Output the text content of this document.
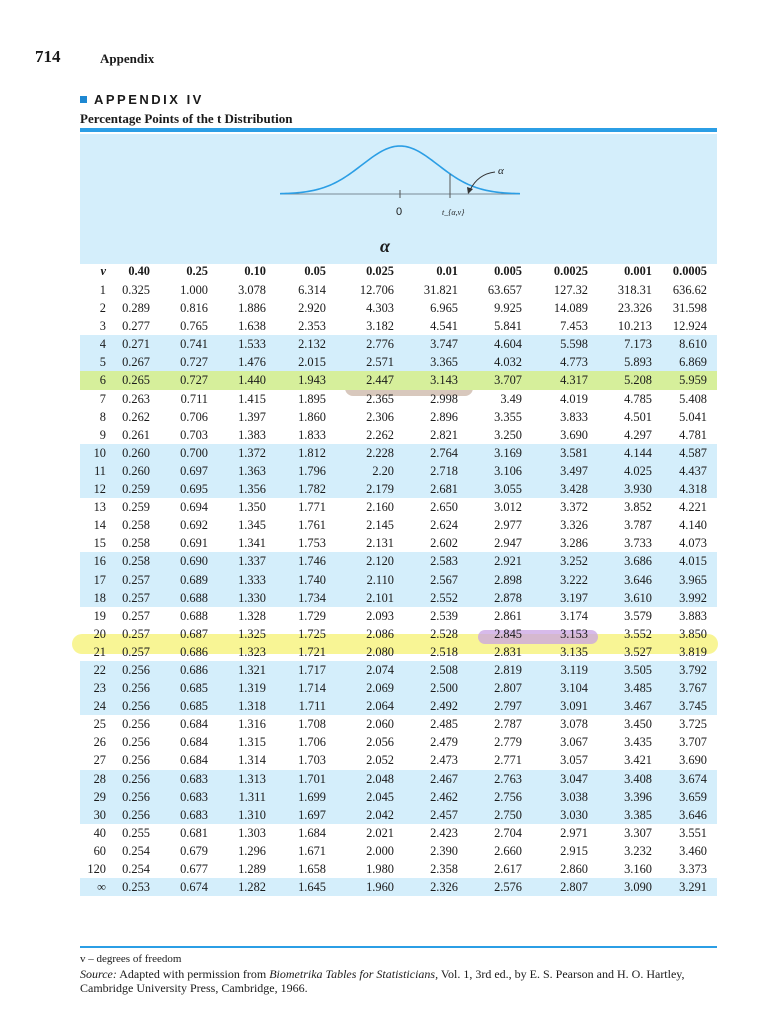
714	Appendix
APPENDIX IV
Percentage Points of the t Distribution
0	t_{α,v}
α
α
v	0.40	0.25	0.10	0.05	0.025	0.01	0.005	0.0025	0.001	0.0005
1	0.325	1.000	3.078	6.314	12.706	31.821	63.657	127.32	318.31	636.62
2	0.289	0.816	1.886	2.920	4.303	6.965	9.925	14.089	23.326	31.598
3	0.277	0.765	1.638	2.353	3.182	4.541	5.841	7.453	10.213	12.924
4	0.271	0.741	1.533	2.132	2.776	3.747	4.604	5.598	7.173	8.610
5	0.267	0.727	1.476	2.015	2.571	3.365	4.032	4.773	5.893	6.869
6	0.265	0.727	1.440	1.943	2.447	3.143	3.707	4.317	5.208	5.959
7	0.263	0.711	1.415	1.895	2.365	2.998	3.49	4.019	4.785	5.408
8	0.262	0.706	1.397	1.860	2.306	2.896	3.355	3.833	4.501	5.041
9	0.261	0.703	1.383	1.833	2.262	2.821	3.250	3.690	4.297	4.781
10	0.260	0.700	1.372	1.812	2.228	2.764	3.169	3.581	4.144	4.587
11	0.260	0.697	1.363	1.796	2.20	2.718	3.106	3.497	4.025	4.437
12	0.259	0.695	1.356	1.782	2.179	2.681	3.055	3.428	3.930	4.318
13	0.259	0.694	1.350	1.771	2.160	2.650	3.012	3.372	3.852	4.221
14	0.258	0.692	1.345	1.761	2.145	2.624	2.977	3.326	3.787	4.140
15	0.258	0.691	1.341	1.753	2.131	2.602	2.947	3.286	3.733	4.073
16	0.258	0.690	1.337	1.746	2.120	2.583	2.921	3.252	3.686	4.015
17	0.257	0.689	1.333	1.740	2.110	2.567	2.898	3.222	3.646	3.965
18	0.257	0.688	1.330	1.734	2.101	2.552	2.878	3.197	3.610	3.992
19	0.257	0.688	1.328	1.729	2.093	2.539	2.861	3.174	3.579	3.883
20	0.257	0.687	1.325	1.725	2.086	2.528	2.845	3.153	3.552	3.850
21	0.257	0.686	1.323	1.721	2.080	2.518	2.831	3.135	3.527	3.819
22	0.256	0.686	1.321	1.717	2.074	2.508	2.819	3.119	3.505	3.792
23	0.256	0.685	1.319	1.714	2.069	2.500	2.807	3.104	3.485	3.767
24	0.256	0.685	1.318	1.711	2.064	2.492	2.797	3.091	3.467	3.745
25	0.256	0.684	1.316	1.708	2.060	2.485	2.787	3.078	3.450	3.725
26	0.256	0.684	1.315	1.706	2.056	2.479	2.779	3.067	3.435	3.707
27	0.256	0.684	1.314	1.703	2.052	2.473	2.771	3.057	3.421	3.690
28	0.256	0.683	1.313	1.701	2.048	2.467	2.763	3.047	3.408	3.674
29	0.256	0.683	1.311	1.699	2.045	2.462	2.756	3.038	3.396	3.659
30	0.256	0.683	1.310	1.697	2.042	2.457	2.750	3.030	3.385	3.646
40	0.255	0.681	1.303	1.684	2.021	2.423	2.704	2.971	3.307	3.551
60	0.254	0.679	1.296	1.671	2.000	2.390	2.660	2.915	3.232	3.460
120	0.254	0.677	1.289	1.658	1.980	2.358	2.617	2.860	3.160	3.373
∞	0.253	0.674	1.282	1.645	1.960	2.326	2.576	2.807	3.090	3.291
v – degrees of freedom
Source: Adapted with permission from Biometrika Tables for Statisticians, Vol. 1, 3rd ed., by E. S. Pearson and H. O. Hartley, Cambridge University Press, Cambridge, 1966.
